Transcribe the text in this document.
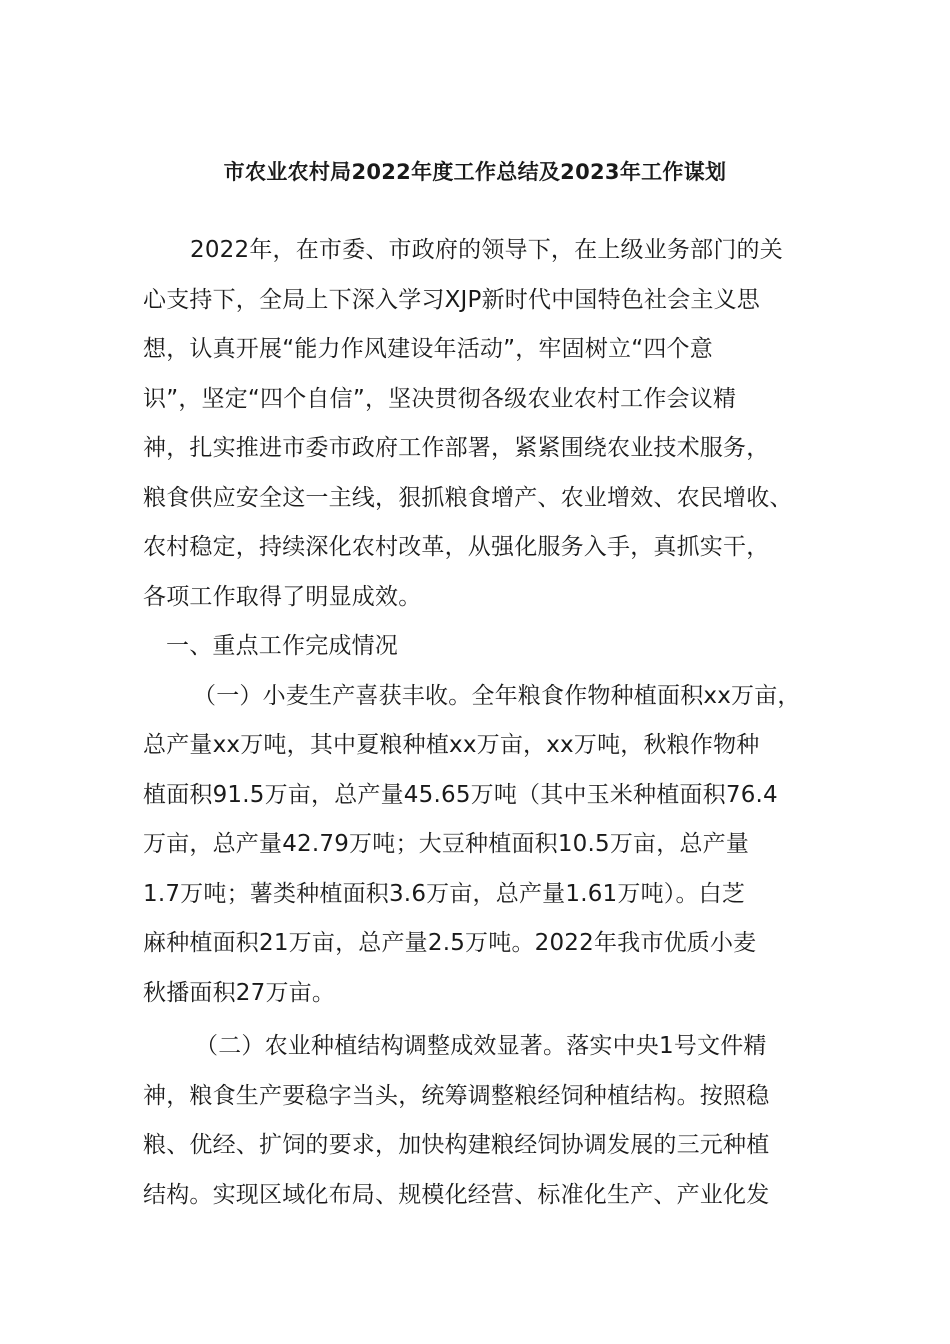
市农业农村局2022年度工作总结及2023年工作谋划
2022年，在市委、市政府的领导下，在上级业务部门的关
心支持下，全局上下深入学习XJP新时代中国特色社会主义思
想，认真开展“能力作风建设年活动”，牢固树立“四个意
识”，坚定“四个自信”，坚决贯彻各级农业农村工作会议精
神，扎实推进市委市政府工作部署，紧紧围绕农业技术服务，
粮食供应安全这一主线，狠抓粮食增产、农业增效、农民增收、
农村稳定，持续深化农村改革，从强化服务入手，真抓实干，
各项工作取得了明显成效。
一、重点工作完成情况
（一）小麦生产喜获丰收。全年粮食作物种植面积xx万亩，
总产量xx万吨，其中夏粮种植xx万亩，xx万吨，秋粮作物种
植面积91.5万亩，总产量45.65万吨（其中玉米种植面积76.4
万亩，总产量42.79万吨；大豆种植面积10.5万亩，总产量
1.7万吨；薯类种植面积3.6万亩，总产量1.61万吨）。白芝
麻种植面积21万亩，总产量2.5万吨。2022年我市优质小麦
秋播面积27万亩。
（二）农业种植结构调整成效显著。落实中央1号文件精
神，粮食生产要稳字当头，统筹调整粮经饲种植结构。按照稳
粮、优经、扩饲的要求，加快构建粮经饲协调发展的三元种植
结构。实现区域化布局、规模化经营、标准化生产、产业化发
